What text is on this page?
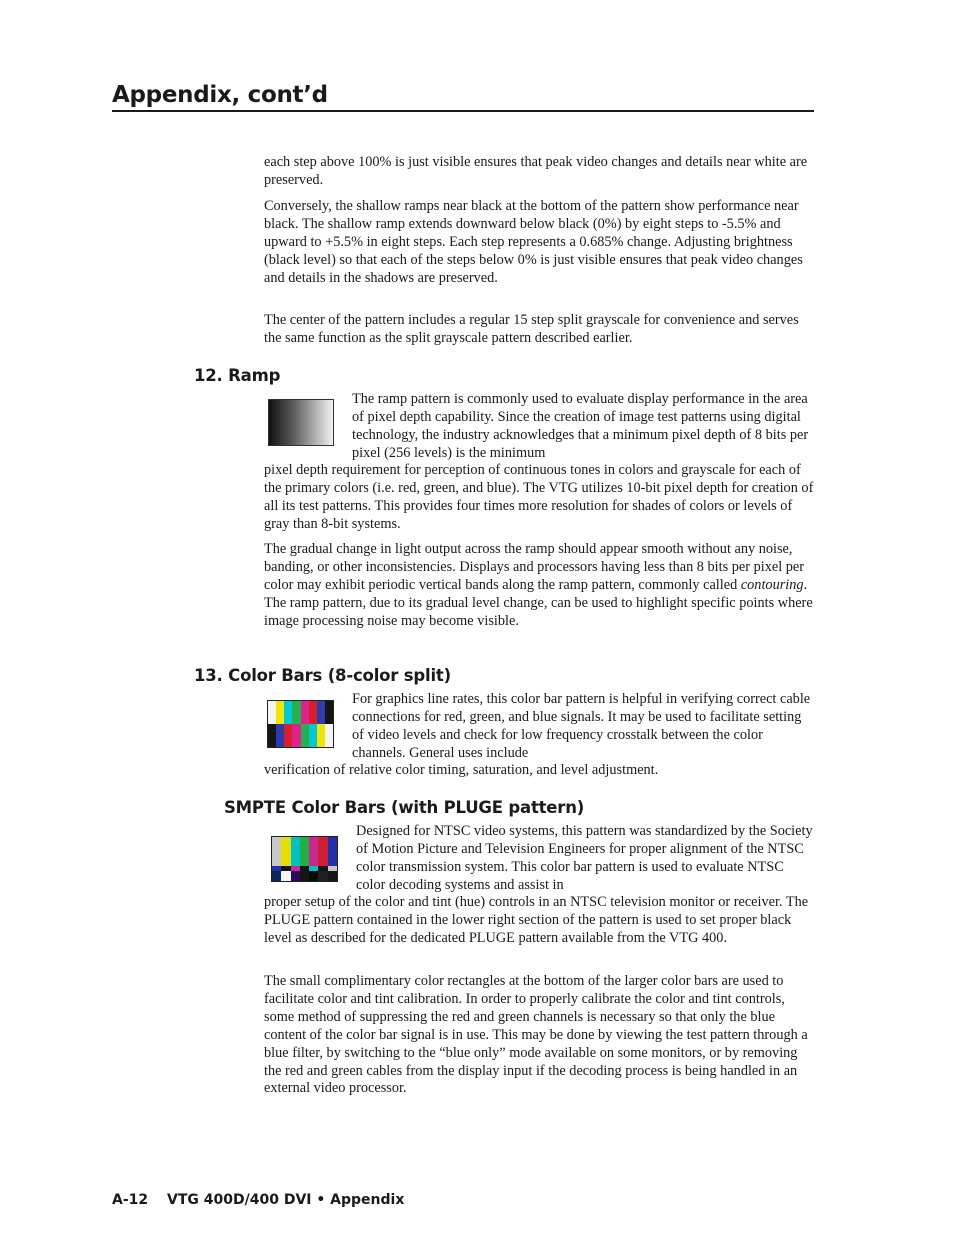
Appendix, cont’d

each step above 100% is just visible ensures that peak video changes and details near white are preserved.

Conversely, the shallow ramps near black at the bottom of the pattern show performance near black. The shallow ramp extends downward below black (0%) by eight steps to -5.5% and upward to +5.5% in eight steps. Each step represents a 0.685% change. Adjusting brightness (black level) so that each of the steps below 0% is just visible ensures that peak video changes and details in the shadows are preserved.

The center of the pattern includes a regular 15 step split grayscale for convenience and serves the same function as the split grayscale pattern described earlier.

12. Ramp

The ramp pattern is commonly used to evaluate display performance in the area of pixel depth capability. Since the creation of image test patterns using digital technology, the industry acknowledges that a minimum pixel depth of 8 bits per pixel (256 levels) is the minimum

pixel depth requirement for perception of continuous tones in colors and grayscale for each of the primary colors (i.e. red, green, and blue). The VTG utilizes 10-bit pixel depth for creation of all its test patterns. This provides four times more resolution for shades of colors or levels of gray than 8-bit systems.

The gradual change in light output across the ramp should appear smooth without any noise, banding, or other inconsistencies. Displays and processors having less than 8 bits per pixel per color may exhibit periodic vertical bands along the ramp pattern, commonly called contouring. The ramp pattern, due to its gradual level change, can be used to highlight specific points where image processing noise may become visible.

13. Color Bars (8-color split)

For graphics line rates, this color bar pattern is helpful in verifying correct cable connections for red, green, and blue signals. It may be used to facilitate setting of video levels and check for low frequency crosstalk between the color channels. General uses include

verification of relative color timing, saturation, and level adjustment.

SMPTE Color Bars (with PLUGE pattern)

Designed for NTSC video systems, this pattern was standardized by the Society of Motion Picture and Television Engineers for proper alignment of the NTSC color transmission system. This color bar pattern is used to evaluate NTSC color decoding systems and assist in

proper setup of the color and tint (hue) controls in an NTSC television monitor or receiver. The PLUGE pattern contained in the lower right section of the pattern is used to set proper black level as described for the dedicated PLUGE pattern available from the VTG 400.

The small complimentary color rectangles at the bottom of the larger color bars are used to facilitate color and tint calibration. In order to properly calibrate the color and tint controls, some method of suppressing the red and green channels is necessary so that only the blue content of the color bar signal is in use. This may be done by viewing the test pattern through a blue filter, by switching to the “blue only” mode available on some monitors, or by removing the red and green cables from the display input if the decoding process is being handled in an external video processor.

A-12 VTG 400D/400 DVI • Appendix
